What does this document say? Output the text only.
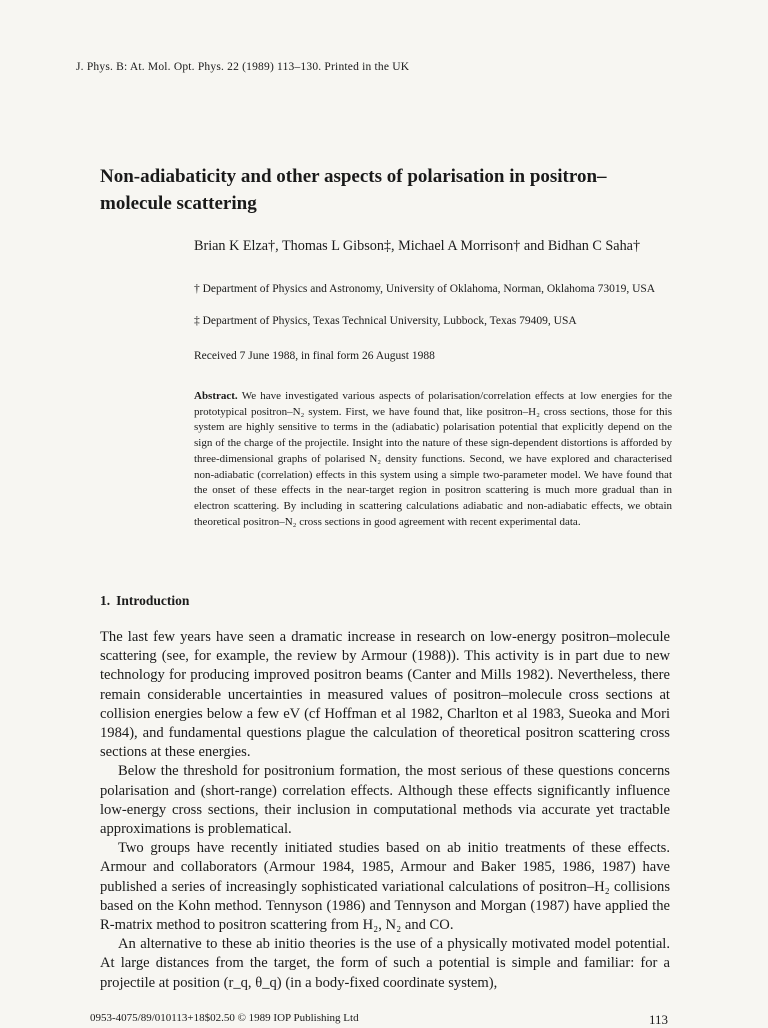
J. Phys. B: At. Mol. Opt. Phys. 22 (1989) 113–130. Printed in the UK
Non-adiabaticity and other aspects of polarisation in positron–molecule scattering
Brian K Elza†, Thomas L Gibson‡, Michael A Morrison† and Bidhan C Saha†
† Department of Physics and Astronomy, University of Oklahoma, Norman, Oklahoma 73019, USA
‡ Department of Physics, Texas Technical University, Lubbock, Texas 79409, USA
Received 7 June 1988, in final form 26 August 1988
Abstract. We have investigated various aspects of polarisation/correlation effects at low energies for the prototypical positron–N₂ system. First, we have found that, like positron–H₂ cross sections, those for this system are highly sensitive to terms in the (adiabatic) polarisation potential that explicitly depend on the sign of the charge of the projectile. Insight into the nature of these sign-dependent distortions is afforded by three-dimensional graphs of polarised N₂ density functions. Second, we have explored and characterised non-adiabatic (correlation) effects in this system using a simple two-parameter model. We have found that the onset of these effects in the near-target region in positron scattering is much more gradual than in electron scattering. By including in scattering calculations adiabatic and non-adiabatic effects, we obtain theoretical positron–N₂ cross sections in good agreement with recent experimental data.
1. Introduction

The last few years have seen a dramatic increase in research on low-energy positron–molecule scattering (see, for example, the review by Armour (1988)). This activity is in part due to new technology for producing improved positron beams (Canter and Mills 1982). Nevertheless, there remain considerable uncertainties in measured values of positron–molecule cross sections at collision energies below a few eV (cf Hoffman et al 1982, Charlton et al 1983, Sueoka and Mori 1984), and fundamental questions plague the calculation of theoretical positron scattering cross sections at these energies.

Below the threshold for positronium formation, the most serious of these questions concerns polarisation and (short-range) correlation effects. Although these effects significantly influence low-energy cross sections, their inclusion in computational methods via accurate yet tractable approximations is problematical.

Two groups have recently initiated studies based on ab initio treatments of these effects. Armour and collaborators (Armour 1984, 1985, Armour and Baker 1985, 1986, 1987) have published a series of increasingly sophisticated variational calculations of positron–H₂ collisions based on the Kohn method. Tennyson (1986) and Tennyson and Morgan (1987) have applied the R-matrix method to positron scattering from H₂, N₂ and CO.

An alternative to these ab initio theories is the use of a physically motivated model potential. At large distances from the target, the form of such a potential is simple and familiar: for a projectile at position (r_q, θ_q) (in a body-fixed coordinate system),

0953-4075/89/010113+18$02.50 © 1989 IOP Publishing Ltd	113
